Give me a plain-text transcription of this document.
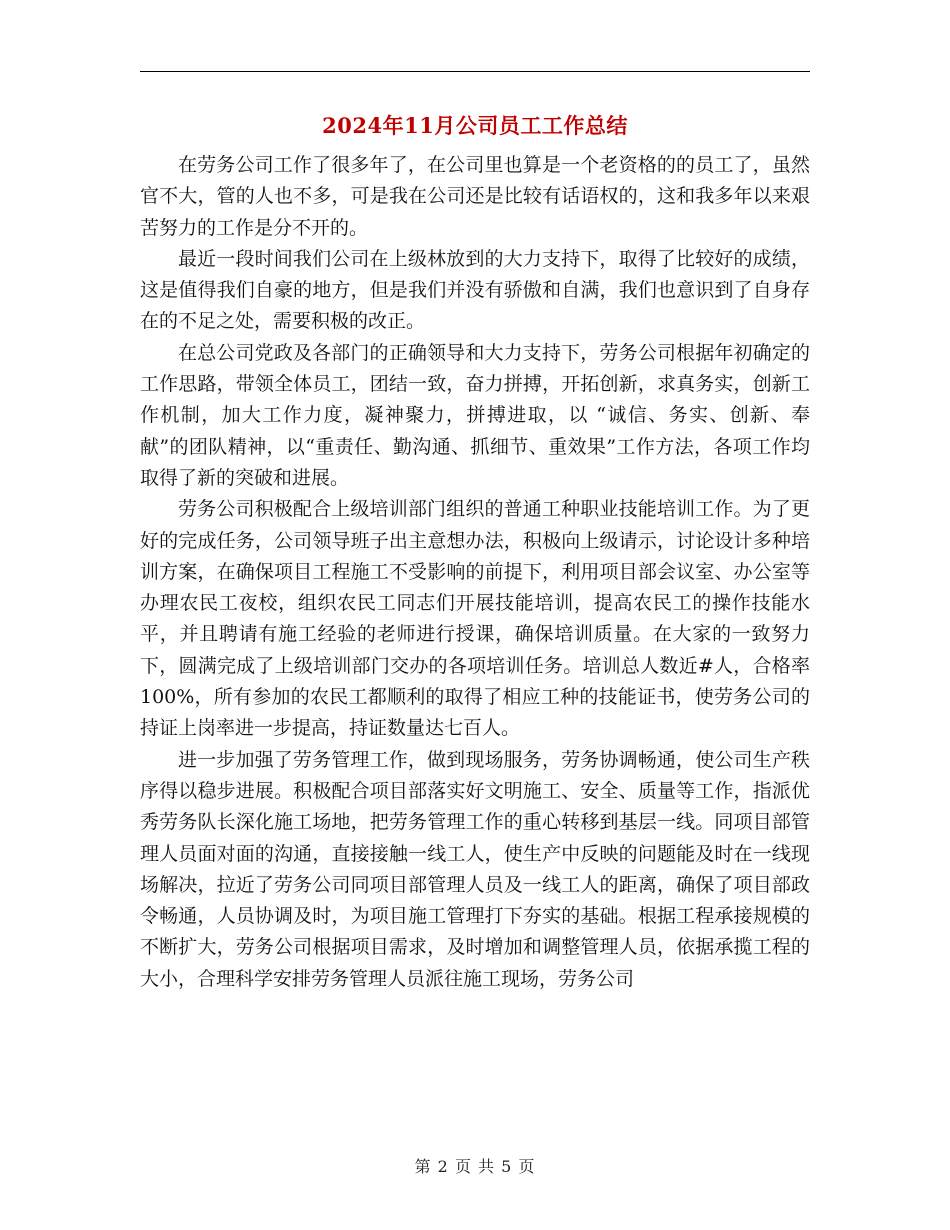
2024年11月公司员工工作总结

在劳务公司工作了很多年了，在公司里也算是一个老资格的的员工了，虽然官不大，管的人也不多，可是我在公司还是比较有话语权的，这和我多年以来艰苦努力的工作是分不开的。

最近一段时间我们公司在上级林放到的大力支持下，取得了比较好的成绩，这是值得我们自豪的地方，但是我们并没有骄傲和自满，我们也意识到了自身存在的不足之处，需要积极的改正。

在总公司党政及各部门的正确领导和大力支持下，劳务公司根据年初确定的工作思路，带领全体员工，团结一致，奋力拼搏，开拓创新，求真务实，创新工作机制，加大工作力度，凝神聚力，拼搏进取，以 “诚信、务实、创新、奉献”的团队精神，以“重责任、勤沟通、抓细节、重效果”工作方法，各项工作均取得了新的突破和进展。

劳务公司积极配合上级培训部门组织的普通工种职业技能培训工作。为了更好的完成任务，公司领导班子出主意想办法，积极向上级请示，讨论设计多种培训方案，在确保项目工程施工不受影响的前提下，利用项目部会议室、办公室等办理农民工夜校，组织农民工同志们开展技能培训，提高农民工的操作技能水平，并且聘请有施工经验的老师进行授课，确保培训质量。在大家的一致努力下，圆满完成了上级培训部门交办的各项培训任务。培训总人数近#人，合格率 100%，所有参加的农民工都顺利的取得了相应工种的技能证书，使劳务公司的持证上岗率进一步提高，持证数量达七百人。

进一步加强了劳务管理工作，做到现场服务，劳务协调畅通，使公司生产秩序得以稳步进展。积极配合项目部落实好文明施工、安全、质量等工作，指派优秀劳务队长深化施工场地，把劳务管理工作的重心转移到基层一线。同项目部管理人员面对面的沟通，直接接触一线工人，使生产中反映的问题能及时在一线现场解决，拉近了劳务公司同项目部管理人员及一线工人的距离，确保了项目部政令畅通，人员协调及时，为项目施工管理打下夯实的基础。根据工程承接规模的不断扩大，劳务公司根据项目需求，及时增加和调整管理人员，依据承揽工程的大小，合理科学安排劳务管理人员派往施工现场，劳务公司

第 2 页 共 5 页
